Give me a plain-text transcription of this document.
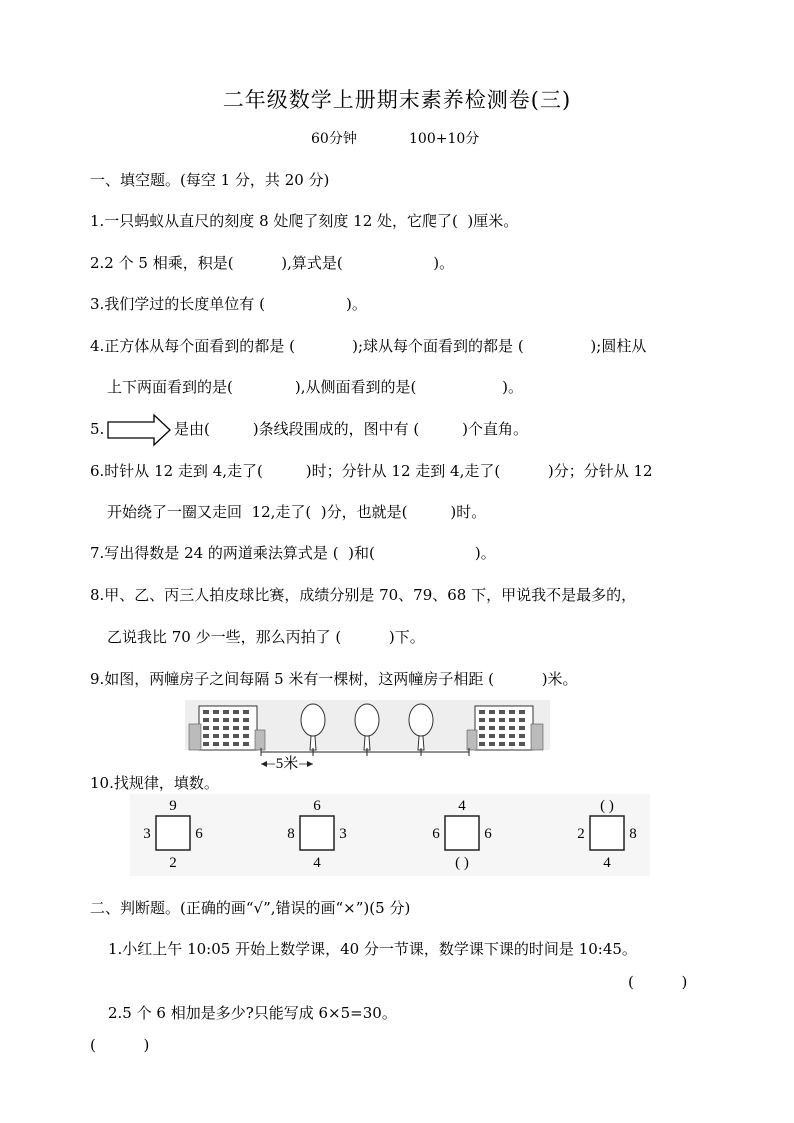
二年级数学上册期末素养检测卷(三)
60分钟	100+10分
一、填空题。(每空 1 分，共 20 分)
1.一只蚂蚁从直尺的刻度 8 处爬了刻度 12 处，它爬了(  )厘米。
2.2 个 5 相乘，积是(          ),算式是(                   )。
3.我们学过的长度单位有 (                 )。
4.正方体从每个面看到的都是 (            );球从每个面看到的都是 (              );圆柱从
上下两面看到的是(             ),从侧面看到的是(                  )。
5.	是由(         )条线段围成的，图中有 (         )个直角。
6.时针从 12 走到 4,走了(         )时；分针从 12 走到 4,走了(          )分；分针从 12
开始绕了一圈又走回  12,走了(  )分，也就是(         )时。
7.写出得数是 24 的两道乘法算式是 (  )和(                     )。
8.甲、乙、丙三人拍皮球比赛，成绩分别是 70、79、68 下，甲说我不是最多的，
乙说我比 70 少一些，那么丙拍了 (          )下。
9.如图，两幢房子之间每隔 5 米有一棵树，这两幢房子相距 (          )米。
5米
10.找规律，填数。
9
3	6
2
6
8	3
4
4
6	6
( )
( )
2	8
4
二、判断题。(正确的画“√”,错误的画“×”)(5 分)
1.小红上午 10:05 开始上数学课，40 分一节课，数学课下课的时间是 10:45。
(          )
2.5 个 6 相加是多少?只能写成 6×5=30。
(          )
